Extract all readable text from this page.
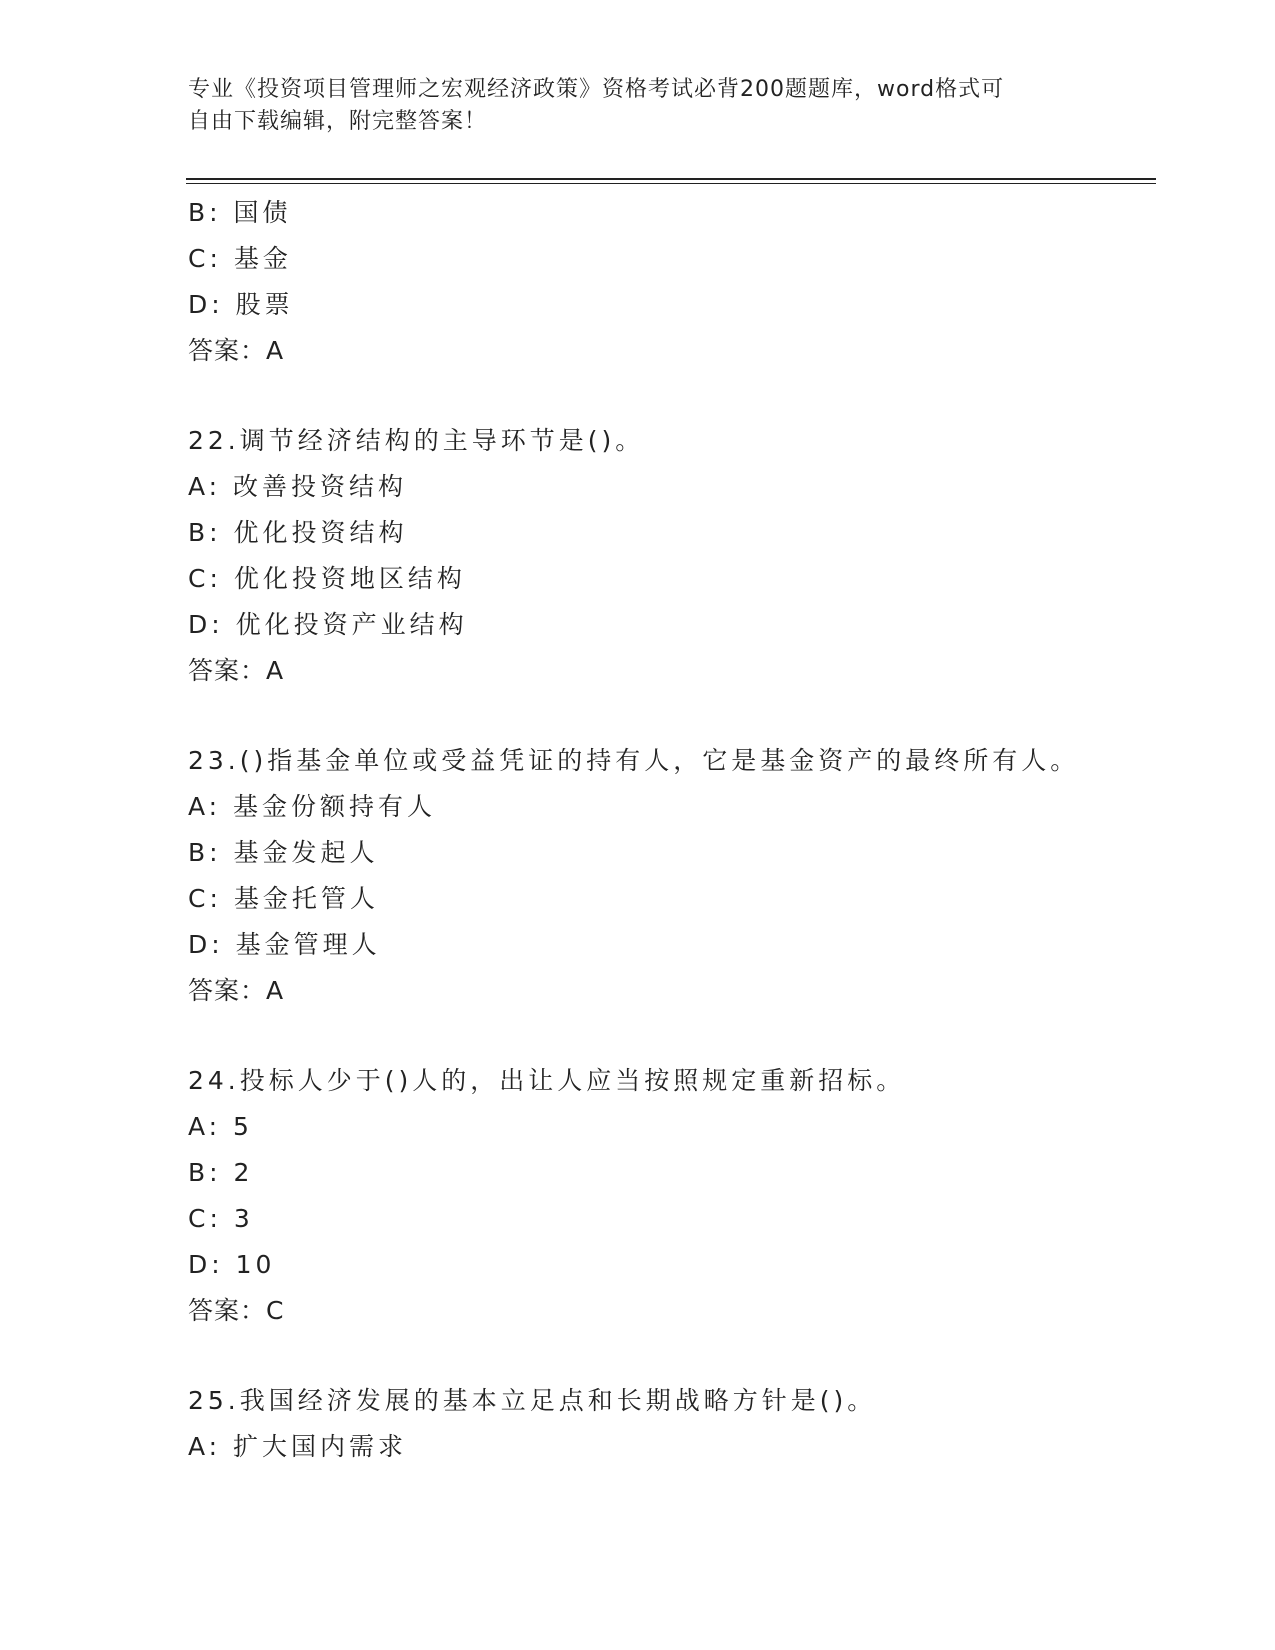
专业《投资项目管理师之宏观经济政策》资格考试必背200题题库，word格式可
自由下载编辑，附完整答案！
B: 国债
C: 基金
D: 股票
答案：A
22.调节经济结构的主导环节是()。
A: 改善投资结构
B: 优化投资结构
C: 优化投资地区结构
D: 优化投资产业结构
答案：A
23.()指基金单位或受益凭证的持有人，它是基金资产的最终所有人。
A: 基金份额持有人
B: 基金发起人
C: 基金托管人
D: 基金管理人
答案：A
24.投标人少于()人的，出让人应当按照规定重新招标。
A: 5
B: 2
C: 3
D: 10
答案：C
25.我国经济发展的基本立足点和长期战略方针是()。
A: 扩大国内需求
